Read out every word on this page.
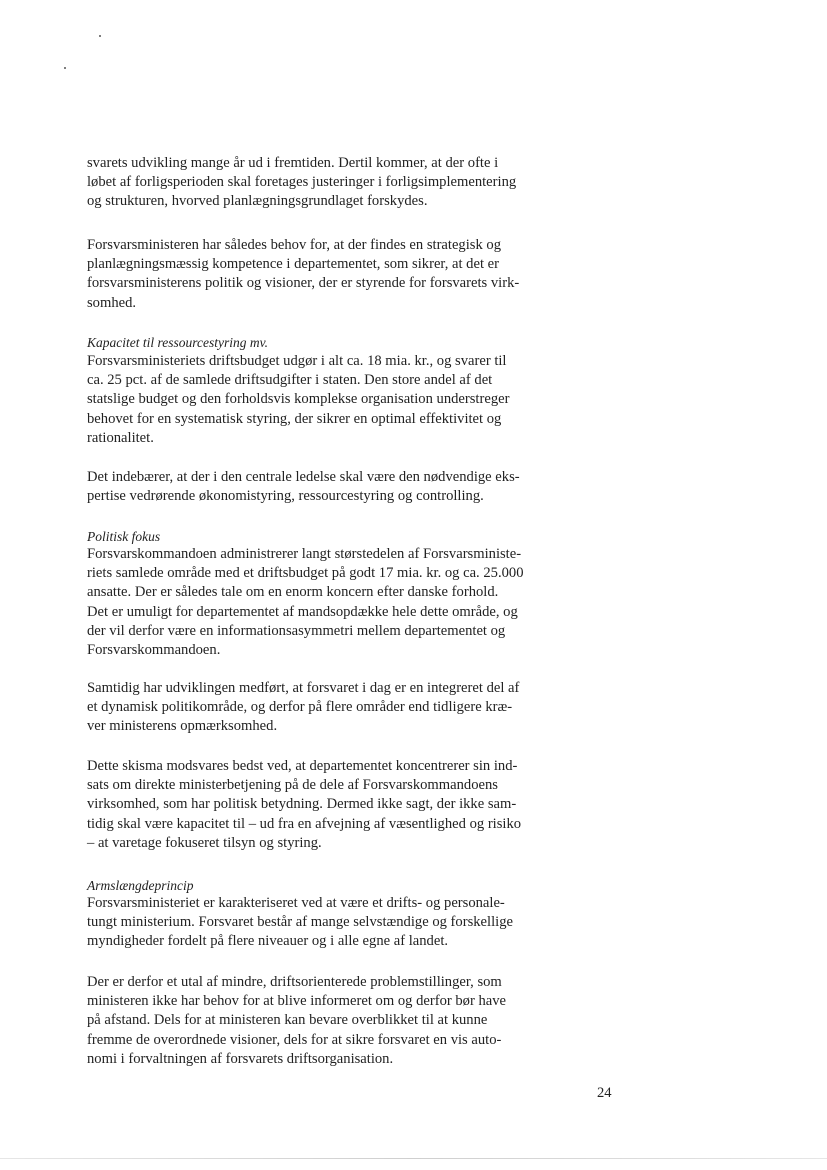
svarets udvikling mange år ud i fremtiden. Dertil kommer, at der ofte i
løbet af forligsperioden skal foretages justeringer i forligsimplementering
og strukturen, hvorved planlægningsgrundlaget forskydes.
Forsvarsministeren har således behov for, at der findes en strategisk og
planlægningsmæssig kompetence i departementet, som sikrer, at det er
forsvarsministerens politik og visioner, der er styrende for forsvarets virk-
somhed.
Kapacitet til ressourcestyring mv.
Forsvarsministeriets driftsbudget udgør i alt ca. 18 mia. kr., og svarer til
ca. 25 pct. af de samlede driftsudgifter i staten. Den store andel af det
statslige budget og den forholdsvis komplekse organisation understreger
behovet for en systematisk styring, der sikrer en optimal effektivitet og
rationalitet.
Det indebærer, at der i den centrale ledelse skal være den nødvendige eks-
pertise vedrørende økonomistyring, ressourcestyring og controlling.
Politisk fokus
Forsvarskommandoen administrerer langt størstedelen af Forsvarsministe-
riets samlede område med et driftsbudget på godt 17 mia. kr. og ca. 25.000
ansatte. Der er således tale om en enorm koncern efter danske forhold.
Det er umuligt for departementet af mandsopdække hele dette område, og
der vil derfor være en informationsasymmetri mellem departementet og
Forsvarskommandoen.
Samtidig har udviklingen medført, at forsvaret i dag er en integreret del af
et dynamisk politikområde, og derfor på flere områder end tidligere kræ-
ver ministerens opmærksomhed.
Dette skisma modsvares bedst ved, at departementet koncentrerer sin ind-
sats om direkte ministerbetjening på de dele af Forsvarskommandoens
virksomhed, som har politisk betydning. Dermed ikke sagt, der ikke sam-
tidig skal være kapacitet til – ud fra en afvejning af væsentlighed og risiko
– at varetage fokuseret tilsyn og styring.
Armslængdeprincip
Forsvarsministeriet er karakteriseret ved at være et drifts- og personale-
tungt ministerium. Forsvaret består af mange selvstændige og forskellige
myndigheder fordelt på flere niveauer og i alle egne af landet.
Der er derfor et utal af mindre, driftsorienterede problemstillinger, som
ministeren ikke har behov for at blive informeret om og derfor bør have
på afstand. Dels for at ministeren kan bevare overblikket til at kunne
fremme de overordnede visioner, dels for at sikre forsvaret en vis auto-
nomi i forvaltningen af forsvarets driftsorganisation.
24
